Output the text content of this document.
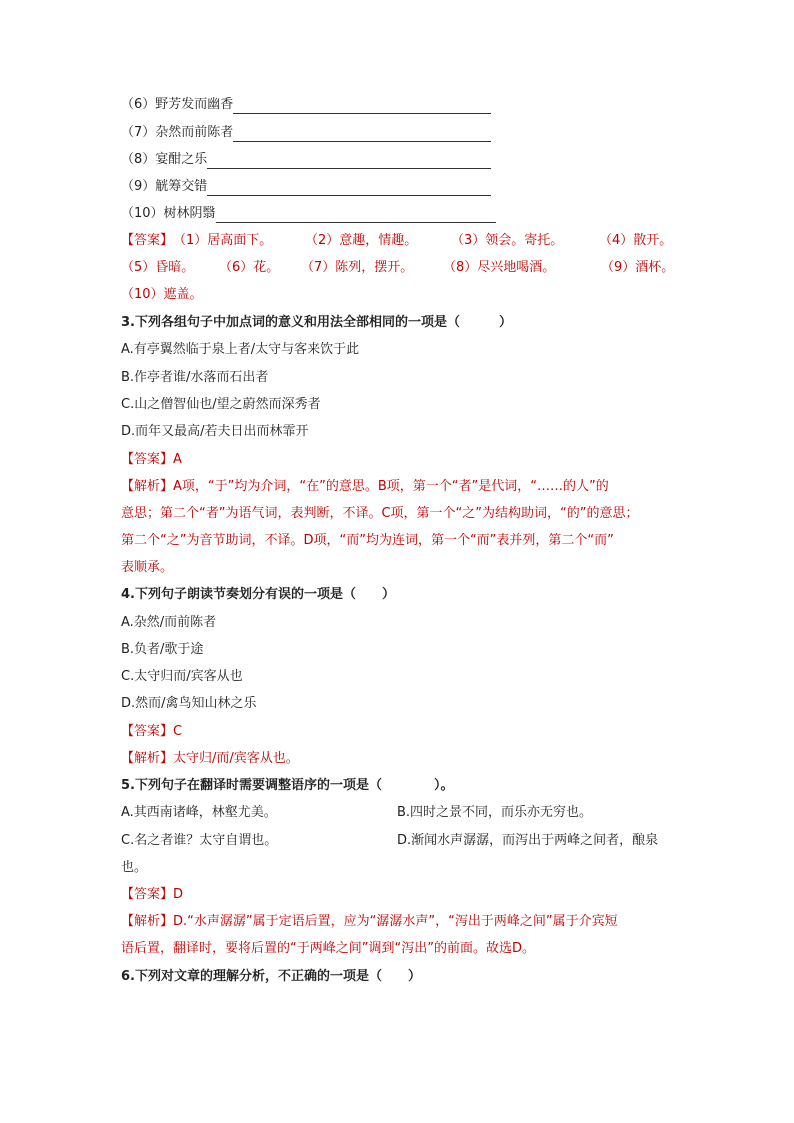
（6）野芳发而幽香
（7）杂然而前陈者
（8）宴酣之乐
（9）觥筹交错
（10）树林阴翳
【答案】（1）居高面下。	（2）意趣，情趣。	（3）领会。寄托。	（4）散开。
（5）昏暗。 （6）花。 （7）陈列，摆开。 （8）尽兴地喝酒。	（9）酒杯。
（10）遮盖。
3.下列各组句子中加点词的意义和用法全部相同的一项是（　　　）
A.有亭翼然临于泉上者/太守与客来饮于此
B.作亭者谁/水落而石出者
C.山之僧智仙也/望之蔚然而深秀者
D.而年又最高/若夫日出而林霏开
【答案】A
【解析】A项，“于”均为介词，“在”的意思。B项，第一个“者”是代词，“……的人”的
意思；第二个“者”为语气词，表判断，不译。C项，第一个“之”为结构助词，“的”的意思；
第二个“之”为音节助词，不译。D项，“而”均为连词，第一个“而”表并列，第二个“而”
表顺承。
4.下列句子朗读节奏划分有误的一项是（　　）
A.杂然/而前陈者
B.负者/歌于途
C.太守归而/宾客从也
D.然而/禽鸟知山林之乐
【答案】C
【解析】太守归/而/宾客从也。
5.下列句子在翻译时需要调整语序的一项是（　　　　）。
A.其西南诸峰，林壑尤美。	B.四时之景不同，而乐亦无穷也。
C.名之者谁？太守自谓也。	D.渐闻水声潺潺，而泻出于两峰之间者，酿泉
也。
【答案】D
【解析】D.“水声潺潺”属于定语后置，应为“潺潺水声”，“泻出于两峰之间”属于介宾短
语后置，翻译时，要将后置的“于两峰之间”调到“泻出”的前面。故选D。
6.下列对文章的理解分析，不正确的一项是（　　）
